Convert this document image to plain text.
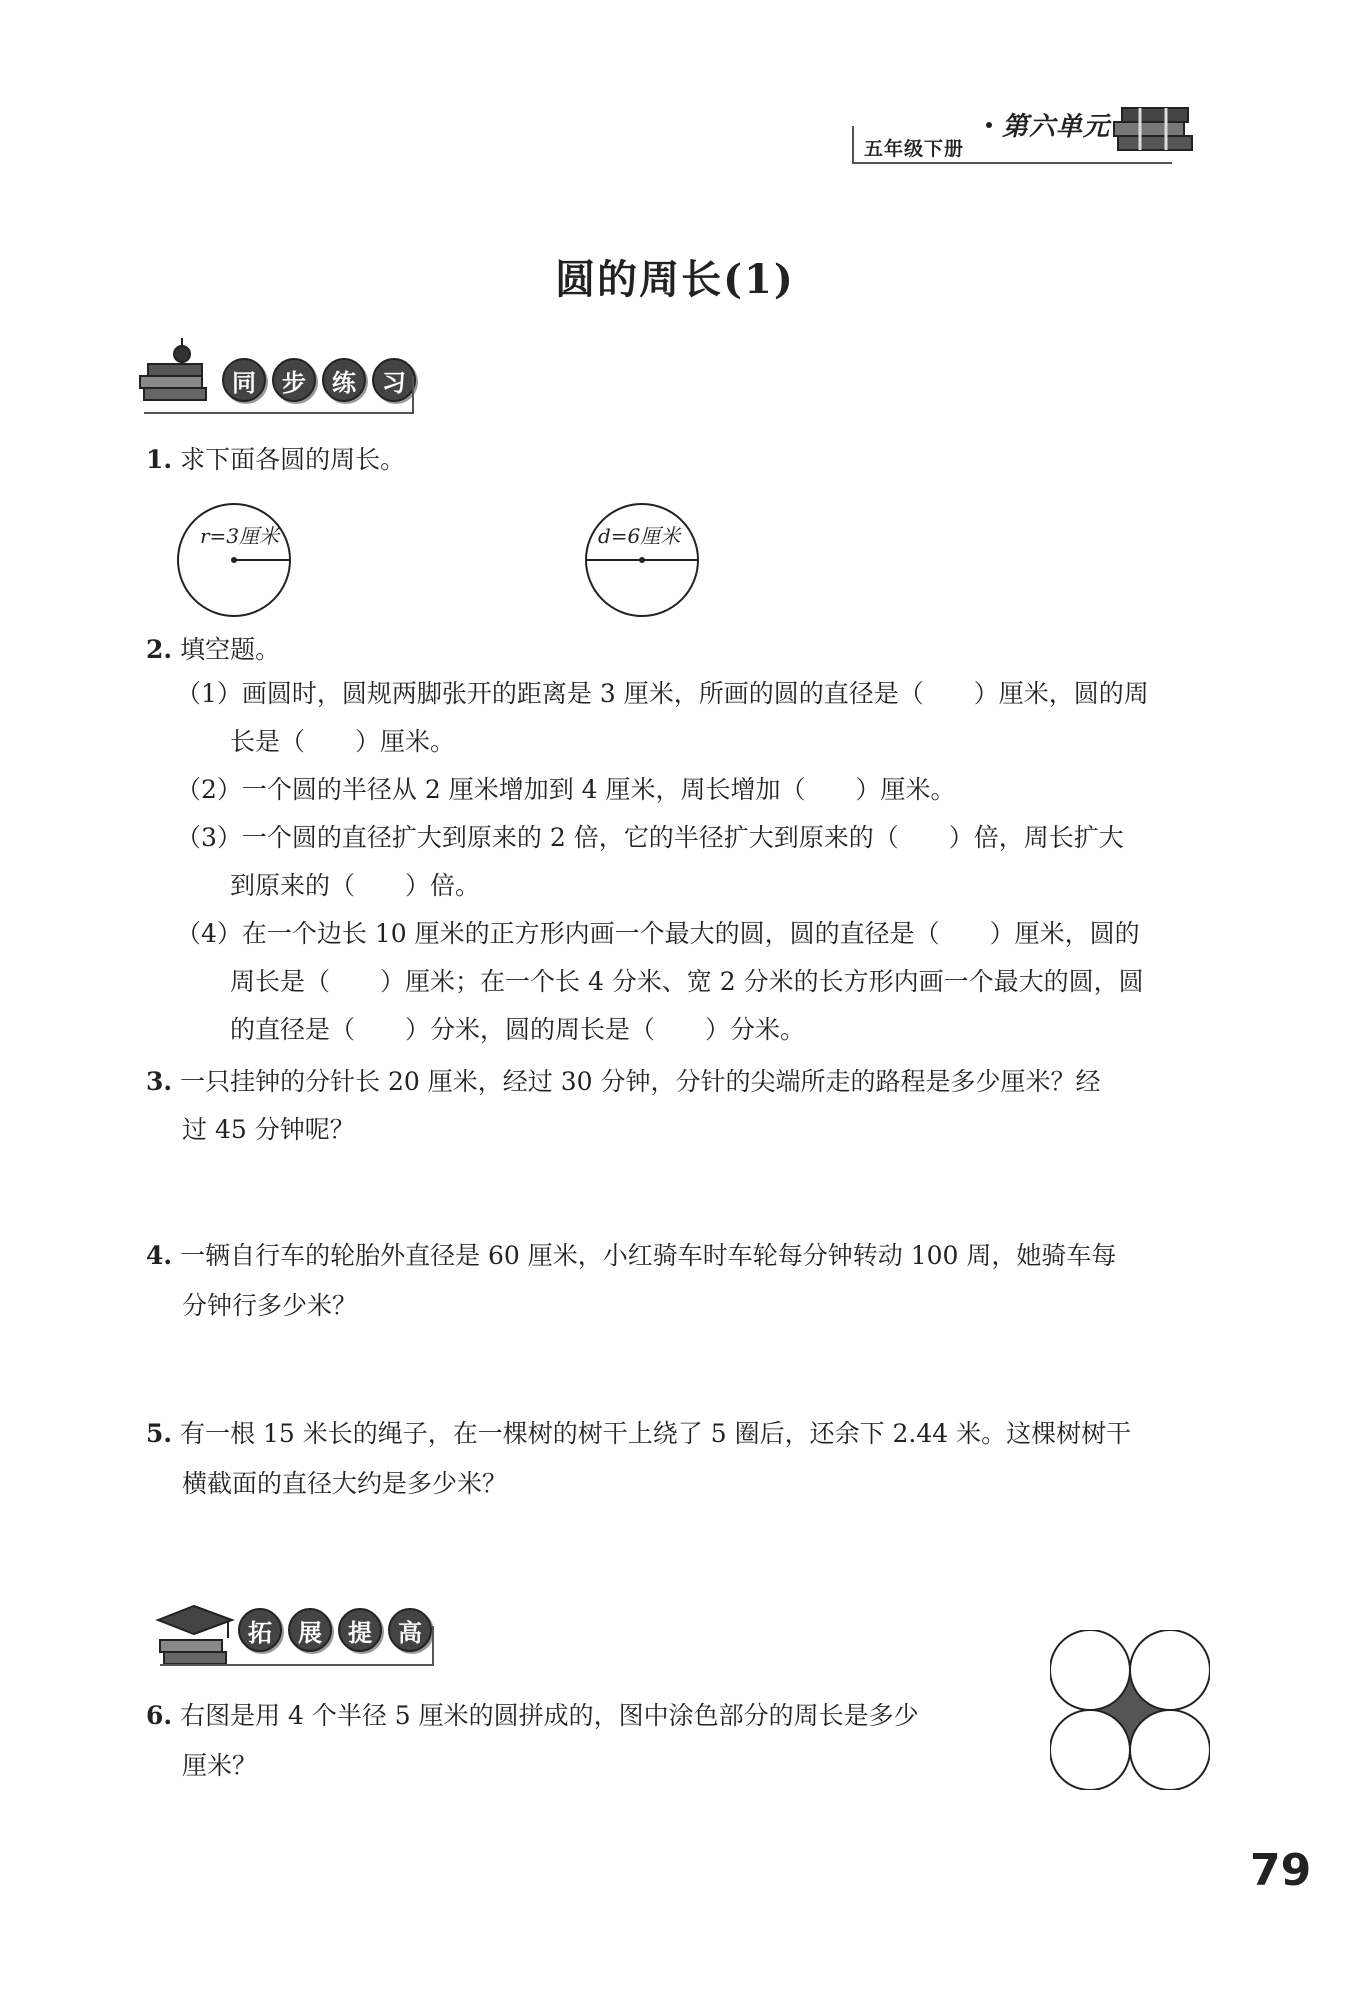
五年级下册
第六单元
圆的周长(1)
同	步	练	习
1. 求下面各圆的周长。
r=3厘米	d=6厘米
2. 填空题。
（1）画圆时，圆规两脚张开的距离是 3 厘米，所画的圆的直径是（　　）厘米，圆的周
长是（　　）厘米。
（2）一个圆的半径从 2 厘米增加到 4 厘米，周长增加（　　）厘米。
（3）一个圆的直径扩大到原来的 2 倍，它的半径扩大到原来的（　　）倍，周长扩大
到原来的（　　）倍。
（4）在一个边长 10 厘米的正方形内画一个最大的圆，圆的直径是（　　）厘米，圆的
周长是（　　）厘米；在一个长 4 分米、宽 2 分米的长方形内画一个最大的圆，圆
的直径是（　　）分米，圆的周长是（　　）分米。
3. 一只挂钟的分针长 20 厘米，经过 30 分钟，分针的尖端所走的路程是多少厘米？经
过 45 分钟呢？
4. 一辆自行车的轮胎外直径是 60 厘米，小红骑车时车轮每分钟转动 100 周，她骑车每
分钟行多少米？
5. 有一根 15 米长的绳子，在一棵树的树干上绕了 5 圈后，还余下 2.44 米。这棵树树干
横截面的直径大约是多少米？
拓	展	提	高
6. 右图是用 4 个半径 5 厘米的圆拼成的，图中涂色部分的周长是多少
厘米？
79
